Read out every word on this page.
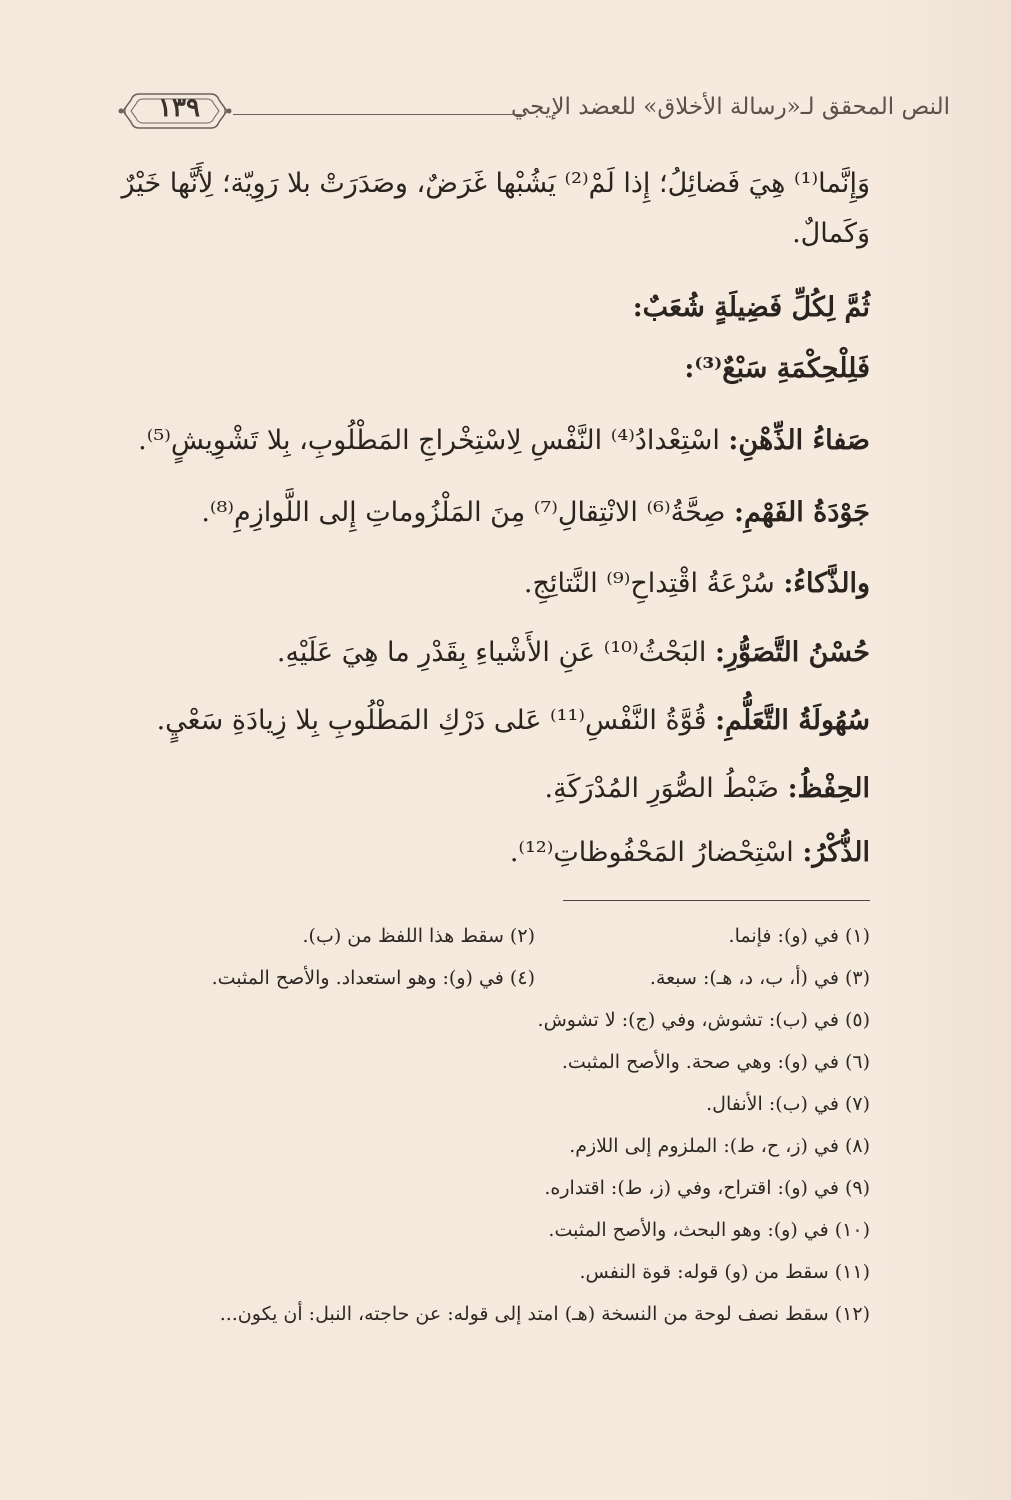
النص المحقق لـ«رسالة الأخلاق» للعضد الإيجي
١٣٩
وَإِنَّما⁽¹⁾ هِيَ فَضائِلُ؛ إِذا لَمْ⁽²⁾ يَشُبْها غَرَضٌ، وصَدَرَتْ بلا رَوِيّة؛ لِأَنَّها خَيْرٌ
وَكَمالٌ.
ثُمَّ لِكُلِّ فَضِيلَةٍ شُعَبٌ:
فَلِلْحِكْمَةِ سَبْعٌ⁽³⁾:
صَفاءُ الذِّهْنِ: اسْتِعْدادُ⁽⁴⁾ النَّفْسِ لِاسْتِخْراجِ المَطْلُوبِ، بِلا تَشْوِيشٍ⁽⁵⁾.
جَوْدَةُ الفَهْمِ: صِحَّةُ⁽⁶⁾ الانْتِقالِ⁽⁷⁾ مِنَ المَلْزُوماتِ إِلى اللَّوازِمِ⁽⁸⁾.
والذَّكاءُ: سُرْعَةُ اقْتِداحِ⁽⁹⁾ النَّتائِجِ.
حُسْنُ التَّصَوُّرِ: البَحْثُ⁽¹⁰⁾ عَنِ الأَشْياءِ بِقَدْرِ ما هِيَ عَلَيْهِ.
سُهُولَةُ التَّعَلُّمِ: قُوَّةُ النَّفْسِ⁽¹¹⁾ عَلى دَرْكِ المَطْلُوبِ بِلا زِيادَةِ سَعْيٍ.
الحِفْظُ: ضَبْطُ الصُّوَرِ المُدْرَكَةِ.
الذُّكْرُ: اسْتِحْضارُ المَحْفُوظاتِ⁽¹²⁾.
(١) في (و): فإنما.
(٢) سقط هذا اللفظ من (ب).
(٣) في (أ، ب، د، هـ): سبعة.
(٤) في (و): وهو استعداد. والأصح المثبت.
(٥) في (ب): تشوش، وفي (ج): لا تشوش.
(٦) في (و): وهي صحة. والأصح المثبت.
(٧) في (ب): الأنفال.
(٨) في (ز، ح، ط): الملزوم إلى اللازم.
(٩) في (و): اقتراح، وفي (ز، ط): اقتداره.
(١٠) في (و): وهو البحث، والأصح المثبت.
(١١) سقط من (و) قوله: قوة النفس.
(١٢) سقط نصف لوحة من النسخة (هـ) امتد إلى قوله: عن حاجته، النبل: أن يكون...
